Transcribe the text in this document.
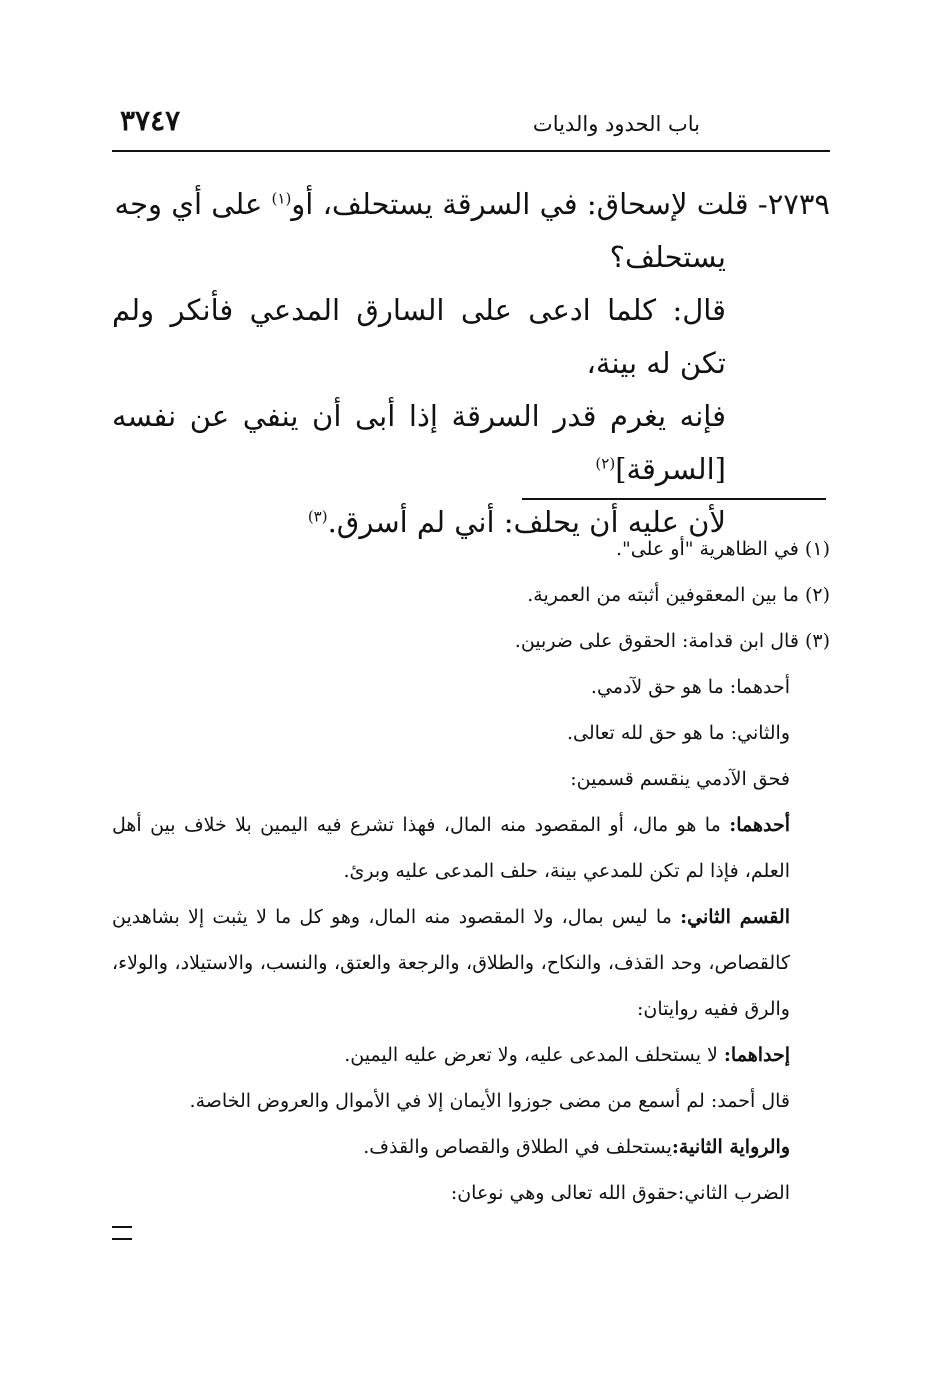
باب الحدود والديات
٣٧٤٧

٢٧٣٩- قلت لإسحاق: في السرقة يستحلف، أو$^{(١)}$ على أي وجه

يستحلف؟

قال: كلما ادعى على السارق المدعي فأنكر ولم تكن له بينة،

فإنه يغرم قدر السرقة إذا أبى أن ينفي عن نفسه [السرقة]$^{(٢)}$

لأن عليه أن يحلف: أني لم أسرق.$^{(٣)}$

(١) في الظاهرية "أو على".

(٢) ما بين المعقوفين أثبته من العمرية.

(٣) قال ابن قدامة: الحقوق على ضربين.

أحدهما: ما هو حق لآدمي.

والثاني: ما هو حق لله تعالى.

فحق الآدمي ينقسم قسمين:

أحدهما: ما هو مال، أو المقصود منه المال، فهذا تشرع فيه اليمين بلا خلاف بين أهل العلم، فإذا لم تكن للمدعي بينة، حلف المدعى عليه وبرئ.

القسم الثاني: ما ليس بمال، ولا المقصود منه المال، وهو كل ما لا يثبت إلا بشاهدين كالقصاص، وحد القذف، والنكاح، والطلاق، والرجعة والعتق، والنسب، والاستيلاد، والولاء، والرق ففيه روايتان:

إحداهما: لا يستحلف المدعى عليه، ولا تعرض عليه اليمين.

قال أحمد: لم أسمع من مضى جوزوا الأيمان إلا في الأموال والعروض الخاصة.

والرواية الثانية:يستحلف في الطلاق والقصاص والقذف.

الضرب الثاني:حقوق الله تعالى وهي نوعان:
